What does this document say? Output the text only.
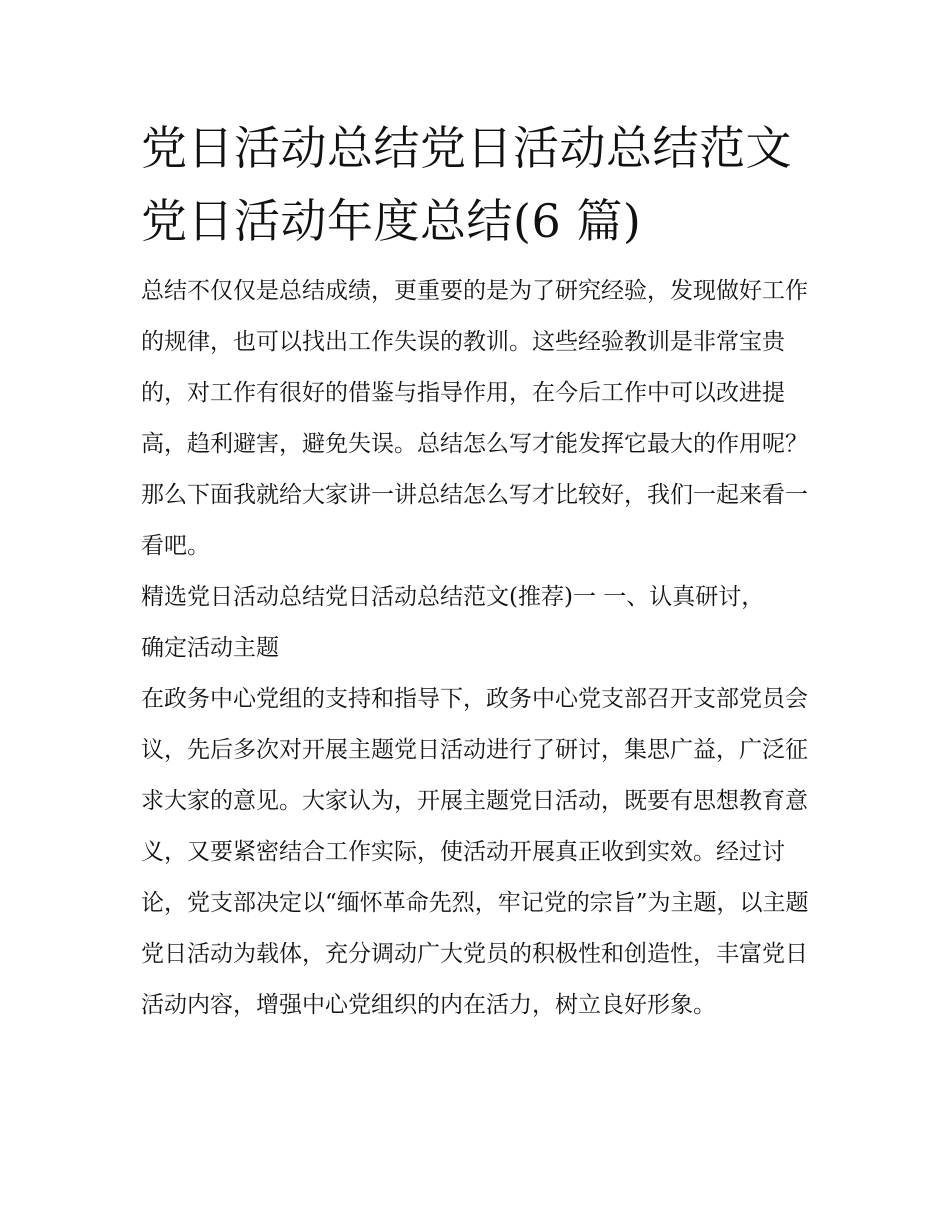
党日活动总结党日活动总结范文 党日活动年度总结(6 篇)

总结不仅仅是总结成绩，更重要的是为了研究经验，发现做好工作的规律，也可以找出工作失误的教训。这些经验教训是非常宝贵的，对工作有很好的借鉴与指导作用，在今后工作中可以改进提高，趋利避害，避免失误。总结怎么写才能发挥它最大的作用呢？那么下面我就给大家讲一讲总结怎么写才比较好，我们一起来看一看吧。

精选党日活动总结党日活动总结范文(推荐)一 一、认真研讨，确定活动主题

在政务中心党组的支持和指导下，政务中心党支部召开支部党员会议，先后多次对开展主题党日活动进行了研讨，集思广益，广泛征求大家的意见。大家认为，开展主题党日活动，既要有思想教育意义，又要紧密结合工作实际，使活动开展真正收到实效。经过讨论，党支部决定以“缅怀革命先烈，牢记党的宗旨”为主题，以主题党日活动为载体，充分调动广大党员的积极性和创造性，丰富党日活动内容，增强中心党组织的内在活力，树立良好形象。
